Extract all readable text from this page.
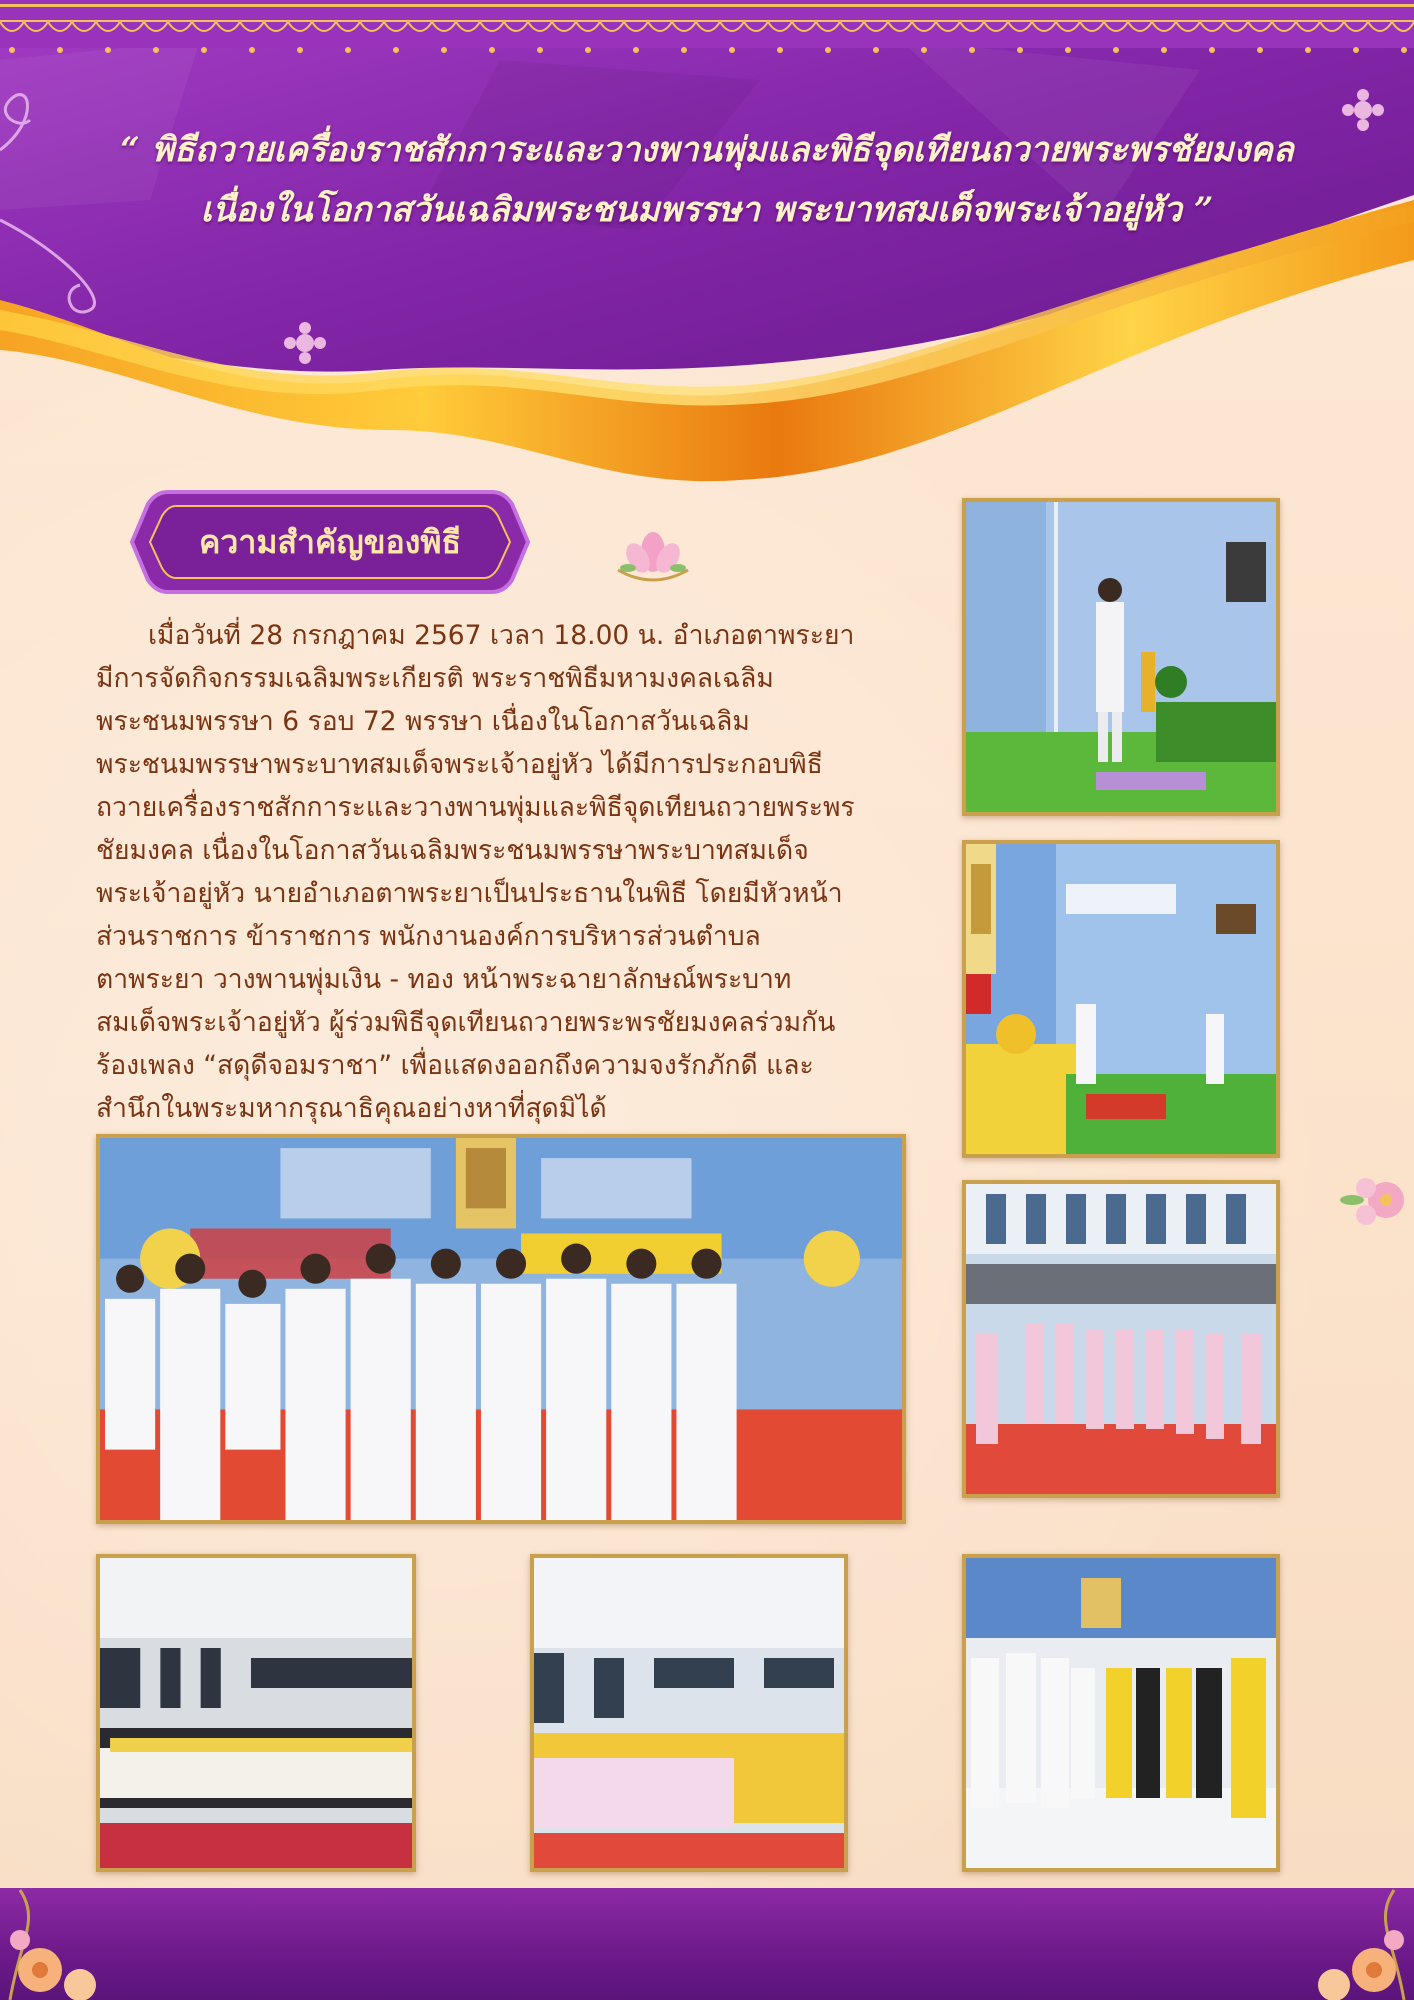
“ พิธีถวายเครื่องราชสักการะและวางพานพุ่มและพิธีจุดเทียนถวายพระพรชัยมงคล
เนื่องในโอกาสวันเฉลิมพระชนมพรรษา พระบาทสมเด็จพระเจ้าอยู่หัว ”
ความสำคัญของพิธี
เมื่อวันที่ 28 กรกฎาคม 2567 เวลา 18.00 น. อำเภอตาพระยา
มีการจัดกิจกรรมเฉลิมพระเกียรติ พระราชพิธีมหามงคลเฉลิม
พระชนมพรรษา 6 รอบ 72 พรรษา เนื่องในโอกาสวันเฉลิม
พระชนมพรรษาพระบาทสมเด็จพระเจ้าอยู่หัว ได้มีการประกอบพิธี
ถวายเครื่องราชสักการะและวางพานพุ่มและพิธีจุดเทียนถวายพระพร
ชัยมงคล เนื่องในโอกาสวันเฉลิมพระชนมพรรษาพระบาทสมเด็จ
พระเจ้าอยู่หัว นายอำเภอตาพระยาเป็นประธานในพิธี โดยมีหัวหน้า
ส่วนราชการ ข้าราชการ พนักงานองค์การบริหารส่วนตำบล
ตาพระยา วางพานพุ่มเงิน - ทอง หน้าพระฉายาลักษณ์พระบาท
สมเด็จพระเจ้าอยู่หัว ผู้ร่วมพิธีจุดเทียนถวายพระพรชัยมงคลร่วมกัน
ร้องเพลง “สดุดีจอมราชา” เพื่อแสดงออกถึงความจงรักภักดี และ
สำนึกในพระมหากรุณาธิคุณอย่างหาที่สุดมิได้
